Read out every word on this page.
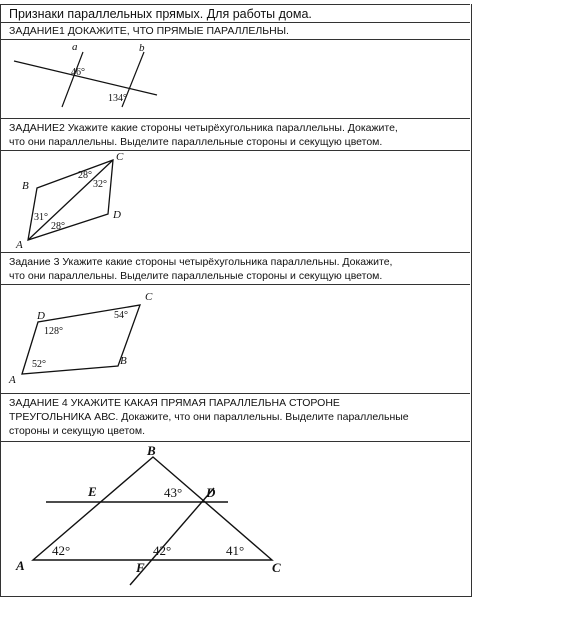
Признаки параллельных прямых. Для работы дома.
ЗАДАНИЕ1 ДОКАЖИТЕ, ЧТО ПРЯМЫЕ ПАРАЛЛЕЛЬНЫ.
a	b
46°
134°
ЗАДАНИЕ2 Укажите какие стороны четырёхугольника параллельны. Докажите,
что они параллельны. Выделите параллельные стороны и секущую цветом.
A
B
C
D
28°
32°
31°
28°
Задание 3 Укажите какие стороны четырёхугольника параллельны. Докажите,
что они параллельны. Выделите параллельные стороны и секущую цветом.
A
B
C
D
128°
54°
52°
ЗАДАНИЕ 4 УКАЖИТЕ КАКАЯ ПРЯМАЯ ПАРАЛЛЕЛЬНА СТОРОНЕ
ТРЕУГОЛЬНИКА АВС. Докажите, что они параллельны. Выделите параллельные
стороны и секущую цветом.
B
E	D
A	F	C
43°
42°	42°	41°
